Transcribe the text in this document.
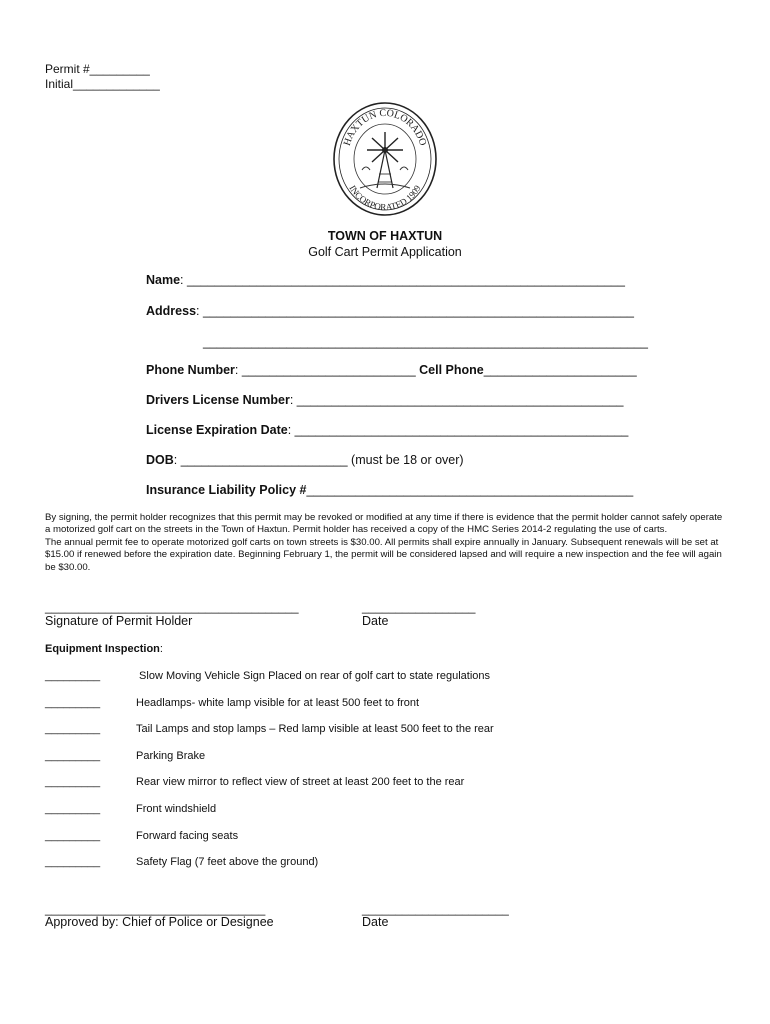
Permit #_________
Initial_____________
HAXTUN COLORADO
INCORPORATED 1909
TOWN OF HAXTUN
Golf Cart Permit Application
Name: _______________________________________________________________
Address: ______________________________________________________________
________________________________________________________________
Phone Number: _________________________ Cell Phone______________________
Drivers License Number: _______________________________________________
License Expiration Date: ________________________________________________
DOB: ________________________ (must be 18 or over)
Insurance Liability Policy #_______________________________________________
By signing, the permit holder recognizes that this permit may be revoked or modified at any time if there is evidence that the permit holder cannot safely operate a motorized golf cart on the streets in the Town of Haxtun. Permit holder has received a copy of the HMC Series 2014-2 regulating the use of carts.
The annual permit fee to operate motorized golf carts on town streets is $30.00. All permits shall expire annually in January. Subsequent renewals will be set at $15.00 if renewed before the expiration date. Beginning February 1, the permit will be considered lapsed and will require a new inspection and the fee will again be $30.00.
______________________________________	_________________
Signature of Permit Holder	Date
Equipment Inspection:
_________	Slow Moving Vehicle Sign Placed on rear of golf cart to state regulations
_________	Headlamps- white lamp visible for at least 500 feet to front
_________	Tail Lamps and stop lamps – Red lamp visible at least 500 feet to the rear
_________	Parking Brake
_________	Rear view mirror to reflect view of street at least 200 feet to the rear
_________	Front windshield
_________	Forward facing seats
_________	Safety Flag (7 feet above the ground)
_________________________________	______________________
Approved by: Chief of Police or Designee	Date
